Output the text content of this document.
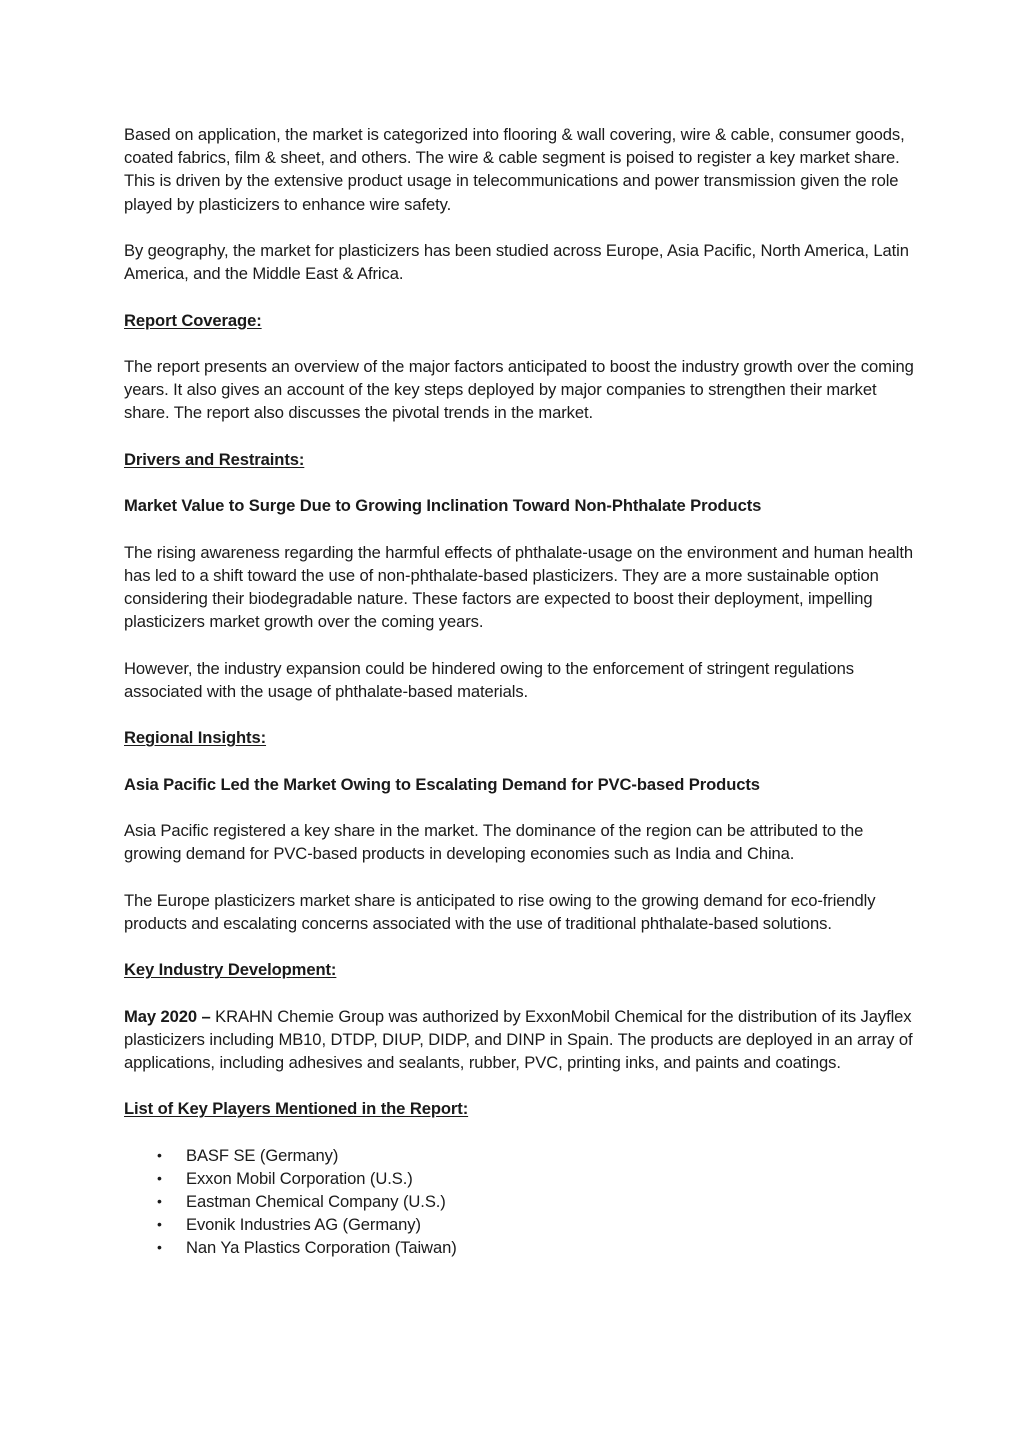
Based on application, the market is categorized into flooring & wall covering, wire & cable, consumer goods, coated fabrics, film & sheet, and others. The wire & cable segment is poised to register a key market share. This is driven by the extensive product usage in telecommunications and power transmission given the role played by plasticizers to enhance wire safety.

By geography, the market for plasticizers has been studied across Europe, Asia Pacific, North America, Latin America, and the Middle East & Africa.

Report Coverage:

The report presents an overview of the major factors anticipated to boost the industry growth over the coming years. It also gives an account of the key steps deployed by major companies to strengthen their market share. The report also discusses the pivotal trends in the market.

Drivers and Restraints:

Market Value to Surge Due to Growing Inclination Toward Non-Phthalate Products

The rising awareness regarding the harmful effects of phthalate-usage on the environment and human health has led to a shift toward the use of non-phthalate-based plasticizers. They are a more sustainable option considering their biodegradable nature. These factors are expected to boost their deployment, impelling plasticizers market growth over the coming years.

However, the industry expansion could be hindered owing to the enforcement of stringent regulations associated with the usage of phthalate-based materials.

Regional Insights:

Asia Pacific Led the Market Owing to Escalating Demand for PVC-based Products

Asia Pacific registered a key share in the market. The dominance of the region can be attributed to the growing demand for PVC-based products in developing economies such as India and China.

The Europe plasticizers market share is anticipated to rise owing to the growing demand for eco-friendly products and escalating concerns associated with the use of traditional phthalate-based solutions.

Key Industry Development:

May 2020 – KRAHN Chemie Group was authorized by ExxonMobil Chemical for the distribution of its Jayflex plasticizers including MB10, DTDP, DIUP, DIDP, and DINP in Spain. The products are deployed in an array of applications, including adhesives and sealants, rubber, PVC, printing inks, and paints and coatings.

List of Key Players Mentioned in the Report:

• BASF SE (Germany)
• Exxon Mobil Corporation (U.S.)
• Eastman Chemical Company (U.S.)
• Evonik Industries AG (Germany)
• Nan Ya Plastics Corporation (Taiwan)
